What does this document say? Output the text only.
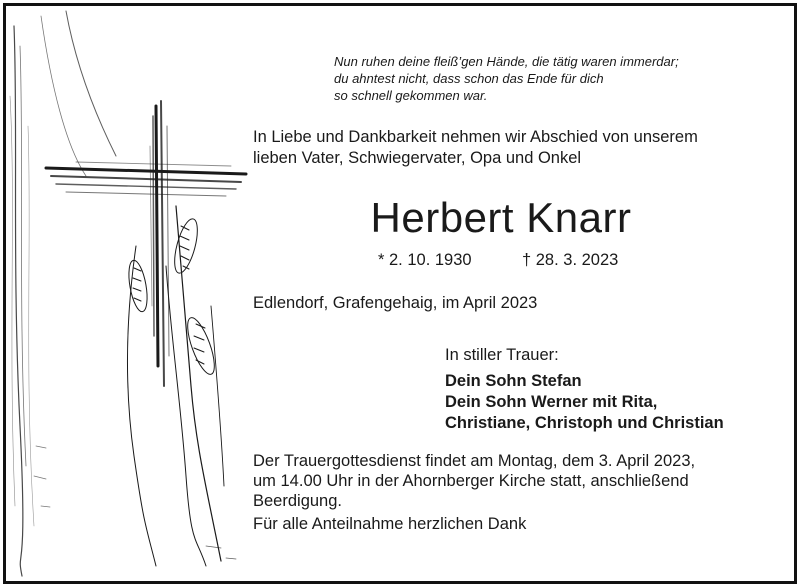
Nun ruhen deine fleiß’gen Hände, die tätig waren immerdar;
du ahntest nicht, dass schon das Ende für dich
so schnell gekommen war.
In Liebe und Dankbarkeit nehmen wir Abschied von unserem
lieben Vater, Schwiegervater, Opa und Onkel
Herbert Knarr
* 2. 10. 1930	† 28. 3. 2023
Edlendorf, Grafengehaig, im April 2023
In stiller Trauer:
Dein Sohn Stefan
Dein Sohn Werner mit Rita,
Christiane, Christoph und Christian
Der Trauergottesdienst findet am Montag, dem 3. April 2023,
um 14.00 Uhr in der Ahornberger Kirche statt, anschließend
Beerdigung.
Für alle Anteilnahme herzlichen Dank
